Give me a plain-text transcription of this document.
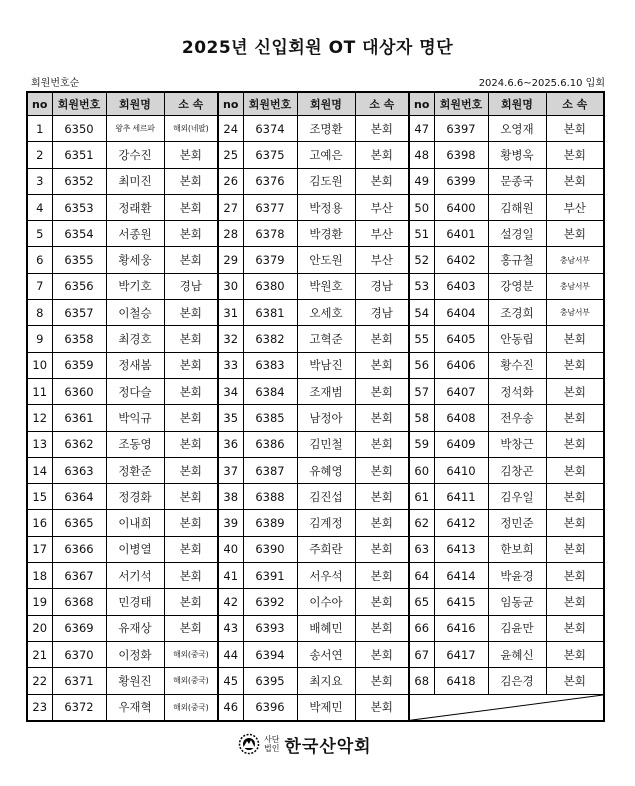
2025년 신입회원 OT 대상자 명단
회원번호순	2024.6.6~2025.6.10 입회
no	회원번호	회원명	소 속	no	회원번호	회원명	소 속	no	회원번호	회원명	소 속
1	6350	왕추 세르파	해외(네팔)	24	6374	조명환	본회	47	6397	오영재	본회
2	6351	강수진	본회	25	6375	고예은	본회	48	6398	황병욱	본회
3	6352	최미진	본회	26	6376	김도원	본회	49	6399	문종국	본회
4	6353	정래환	본회	27	6377	박정용	부산	50	6400	김해원	부산
5	6354	서종원	본회	28	6378	박경환	부산	51	6401	설경일	본회
6	6355	황세웅	본회	29	6379	안도원	부산	52	6402	홍규철	충남서부
7	6356	박기호	경남	30	6380	박원호	경남	53	6403	강영분	충남서부
8	6357	이철승	본회	31	6381	오세호	경남	54	6404	조경희	충남서부
9	6358	최경호	본회	32	6382	고혁준	본회	55	6405	안동립	본회
10	6359	정새봄	본회	33	6383	박남진	본회	56	6406	황수진	본회
11	6360	정다슬	본회	34	6384	조재범	본회	57	6407	정석화	본회
12	6361	박익규	본회	35	6385	남정아	본회	58	6408	전우송	본회
13	6362	조동영	본회	36	6386	김민철	본회	59	6409	박창근	본회
14	6363	정환준	본회	37	6387	유혜영	본회	60	6410	김창곤	본회
15	6364	정경화	본회	38	6388	김진섭	본회	61	6411	김우일	본회
16	6365	이내희	본회	39	6389	김계정	본회	62	6412	정민준	본회
17	6366	이병열	본회	40	6390	주희란	본회	63	6413	한보희	본회
18	6367	서기석	본회	41	6391	서우석	본회	64	6414	박윤경	본회
19	6368	민경태	본회	42	6392	이수아	본회	65	6415	임동균	본회
20	6369	유재상	본회	43	6393	배혜민	본회	66	6416	김윤만	본회
21	6370	이정화	해외(중국)	44	6394	송서연	본회	67	6417	윤혜신	본회
22	6371	황원진	해외(중국)	45	6395	최지요	본회	68	6418	김은경	본회
23	6372	우재혁	해외(중국)	46	6396	박제민	본회	
사단
법인 한국산악회
